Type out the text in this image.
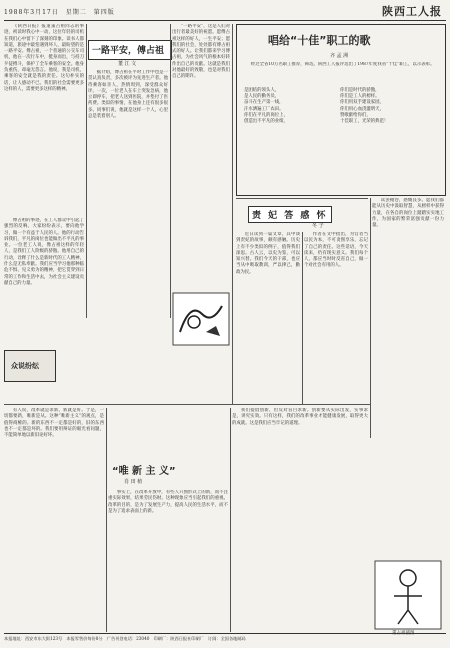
1988年3月17日　星期二　第四版	陕西工人报
一路平安，傅占祖
董 江 文

《陕西日报》报道董占祖同志的事迹，初读时我心中一动，这位年轻的司机在我们心中留下了深刻的印象。读书人都知道，旅途中最怕遇到坏人，最盼望的是一路平安。傅占祖，一个普通的公交车司机，他在一次行车中，挺身而出，与持刀歹徒搏斗，保护了全车乘客的安全。他身负重伤，却毫无怨言。他说，我是司机，乘客的安全就是我的责任。这句朴实的话，让人感动不已。我们的社会需要更多这样的人，需要更多这样的精神。

傅占祖的事迹，在工人群众中引起了强烈的反响。大家纷纷表示，要向他学习，做一个有益于人民的人。他的行动告诉我们，平凡的岗位也能做出不平凡的事业。一位老工人说，像占祖这样的年轻人，是我们工人阶级的骄傲。他用自己的行动，诠释了什么是新时代的工人精神，什么是无私奉献。我们应当学习他那种临危不惧、见义勇为的精神，把它贯穿到日常的工作和生活中去，为社会主义建设贡献自己的力量。

据介绍，傅占祖在平时工作中也是一贯认真负责，多次被评为先进生产者。他待乘客如亲人，热情周到，深受群众好评。一次，一位老人在车上突发急病，他立即停车，把老人送到医院，并垫付了医药费。类似的事情，在他身上还有很多很多。同事们说，他就是这样一个人，心里总是装着别人。

“一路平安”，这是人们对出行者最美好的祝愿。愿傅占祖这样的好人，一生平安；愿我们的社会，处处都有傅占祖式的好人。让我们都来学习傅占祖，为社会风气的根本好转作出自己的贡献。这就是我们对他最好的致敬，也是对我们自己的期许。

众说纷纭
唱给“十佳”职工的歌
齐 孟 洲

经过全省10万名职工推荐，筛选，陕西工人报评选出了1987年度我省“十佳”职工，以示表彰。

是团结的领头人，
是人民的勤务员，
奋斗在生产第一线，
汗水洒遍工厂农田。
你们在平凡的岗位上，
创造出不平凡的业绩，
你们是时代的骄傲，
你们是工人的榜样。
你们用双手建设家园，
你们用心血浇灌明天，
赞歌献给你们，
十佳职工，光荣的典范！
责 妃 答 感 怀
冬 子

近日读到一篇文章，其中谈到责妃的故事，颇有感触。历史上有不少类似的例子，值得我们深思。古人云，以史为鉴，可以知兴替。我们今天的干部，也应当从中吸取教训，严以律己，勤政为民。

作者在文中指出，为官者当以民为本，不可贪图享乐，忘记了自己的责任。这些话语，今天读来，仍有现实意义。我们每个人，都应当时时反省自己，做一个对社会有用的人。

读罢掩卷，感慨良多。愿我们都能从历史中汲取智慧，从榜样中获得力量，在各自的岗位上踏踏实实地工作，为国家的繁荣富强贡献一份力量。

“唯 新 主 义”
肖 田 植

有人说，改革就是求新，新就是好。于是，一切都要新，唯新是从。这种“唯新主义”的观点，是值得商榷的。新的东西不一定都是好的，旧的东西也不一定都是坏的。我们要用辩证的眼光看问题，不能简单地以新旧论好坏。

事实上，在改革开放中，有些人只图形式上的新，而不注重实际效果，结果劳民伤财。这种现象应当引起我们的重视。改革的目的，是为了发展生产力，提高人民的生活水平，而不是为了追求表面上的新。

我们提倡创新，但反对盲目求新。创新要从实际出发，实事求是，讲究实效。只有这样，我们的改革事业才能健康发展，取得更大的成就。这是我们应当牢记的道理。

本报地址：西安市东大街123号　本报零售价每份8分　广告刊登电话：23040　印刷厂：陕西日报社印刷厂　订阅：全国各地邮局
